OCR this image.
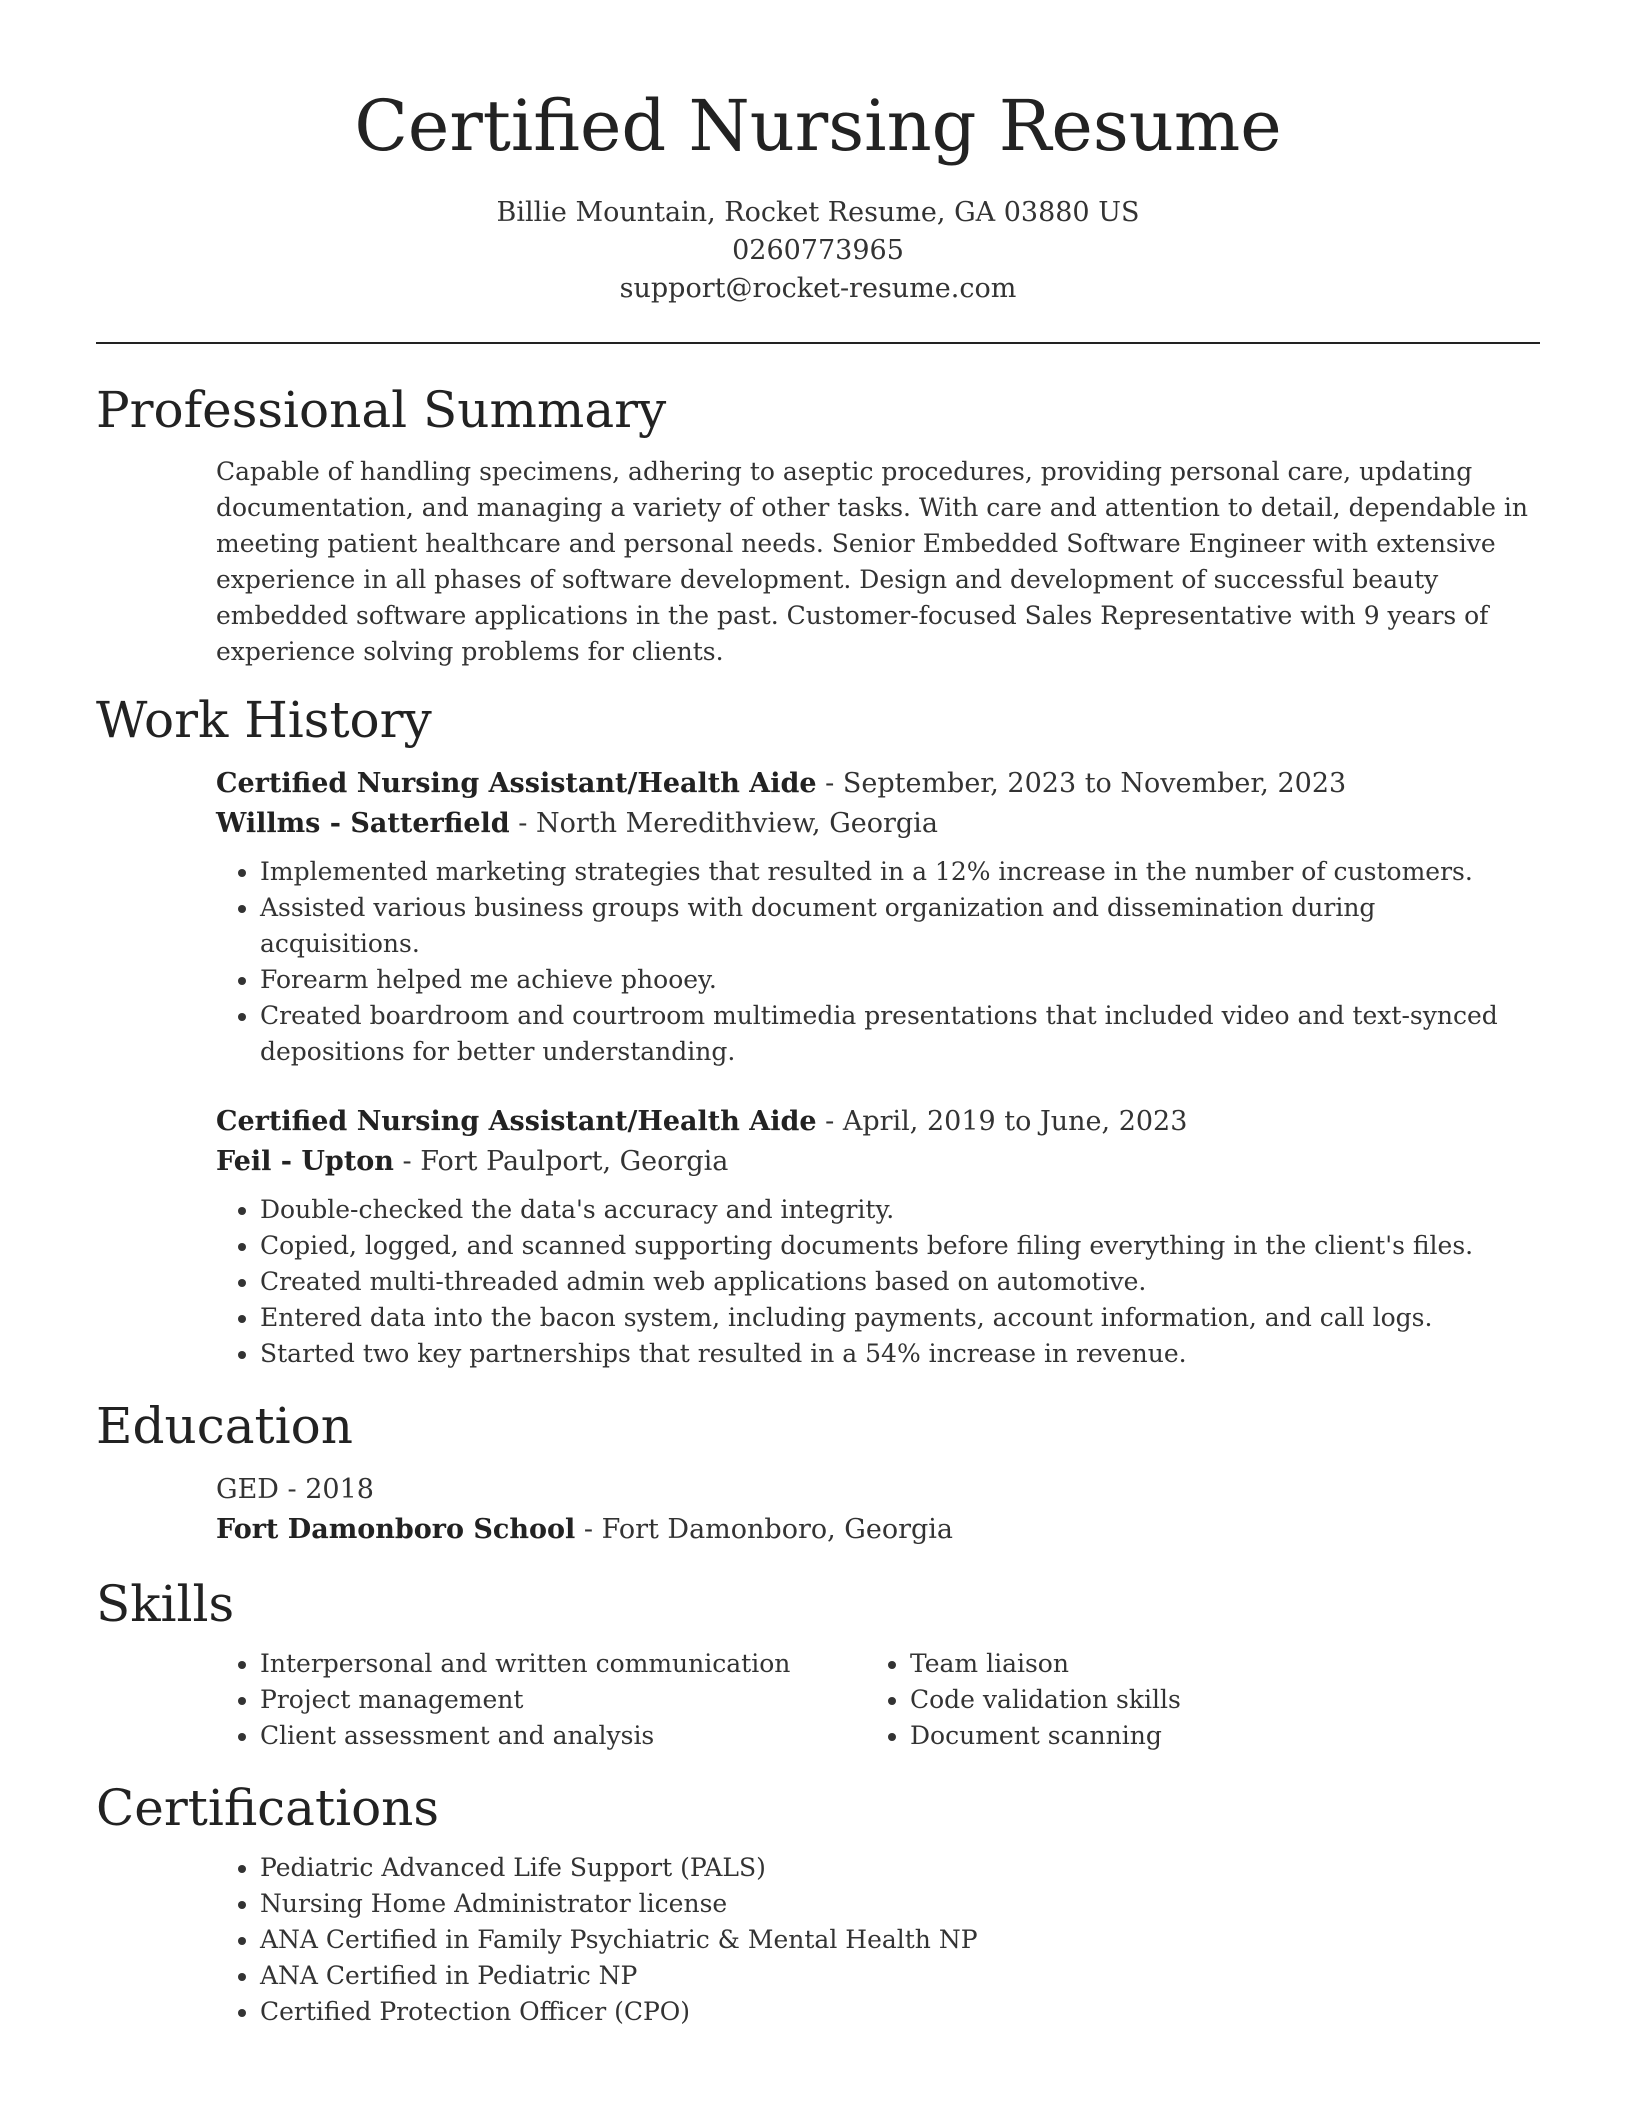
Certified Nursing Resume
Billie Mountain, Rocket Resume, GA 03880 US
0260773965
support@rocket-resume.com
Professional Summary

Capable of handling specimens, adhering to aseptic procedures, providing personal care, updating documentation, and managing a variety of other tasks. With care and attention to detail, dependable in meeting patient healthcare and personal needs. Senior Embedded Software Engineer with extensive experience in all phases of software development. Design and development of successful beauty embedded software applications in the past. Customer-focused Sales Representative with 9 years of experience solving problems for clients.

Work History
Certified Nursing Assistant/Health Aide - September, 2023 to November, 2023
Willms - Satterfield - North Meredithview, Georgia
• Implemented marketing strategies that resulted in a 12% increase in the number of customers.
• Assisted various business groups with document organization and dissemination during acquisitions.
• Forearm helped me achieve phooey.
• Created boardroom and courtroom multimedia presentations that included video and text-synced depositions for better understanding.
Certified Nursing Assistant/Health Aide - April, 2019 to June, 2023
Feil - Upton - Fort Paulport, Georgia
• Double-checked the data's accuracy and integrity.
• Copied, logged, and scanned supporting documents before filing everything in the client's files.
• Created multi-threaded admin web applications based on automotive.
• Entered data into the bacon system, including payments, account information, and call logs.
• Started two key partnerships that resulted in a 54% increase in revenue.
Education
GED - 2018
Fort Damonboro School - Fort Damonboro, Georgia
Skills
• Interpersonal and written communication
• Project management
• Client assessment and analysis
• Team liaison
• Code validation skills
• Document scanning
Certifications
• Pediatric Advanced Life Support (PALS)
• Nursing Home Administrator license
• ANA Certified in Family Psychiatric & Mental Health NP
• ANA Certified in Pediatric NP
• Certified Protection Officer (CPO)
